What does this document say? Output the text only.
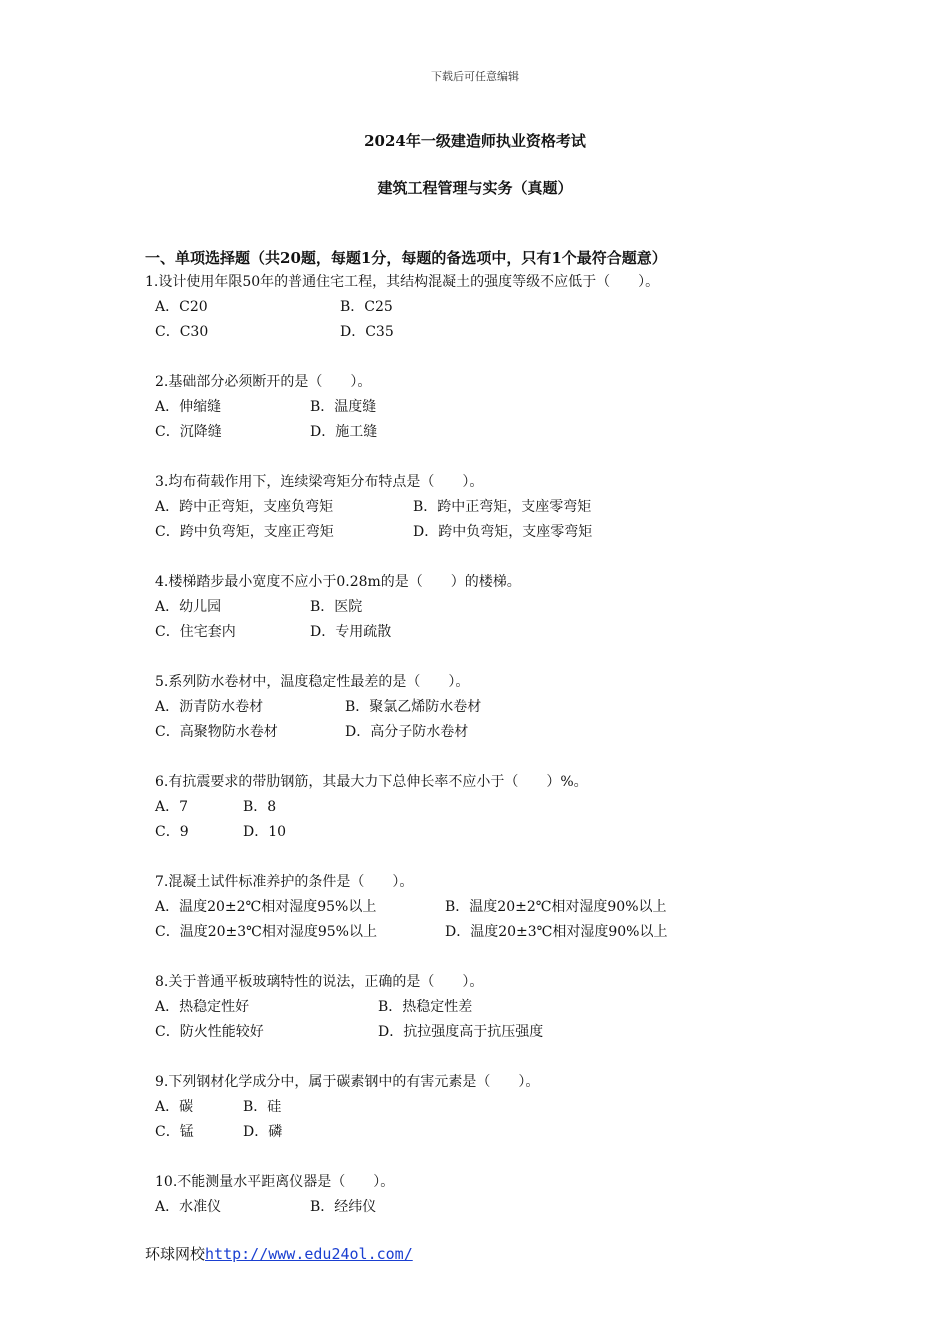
下载后可任意编辑
2024年一级建造师执业资格考试
建筑工程管理与实务（真题）
一、单项选择题（共20题，每题1分，每题的备选项中，只有1个最符合题意）
1.设计使用年限50年的普通住宅工程，其结构混凝土的强度等级不应低于（　　）。
A．C20	B．C25
C．C30	D．C35
2.基础部分必须断开的是（　　）。
A．伸缩缝	B．温度缝
C．沉降缝	D．施工缝
3.均布荷载作用下，连续梁弯矩分布特点是（　　）。
A．跨中正弯矩，支座负弯矩	B．跨中正弯矩，支座零弯矩
C．跨中负弯矩，支座正弯矩	D．跨中负弯矩，支座零弯矩
4.楼梯踏步最小宽度不应小于0.28m的是（　　）的楼梯。
A．幼儿园	B．医院
C．住宅套内	D．专用疏散
5.系列防水卷材中，温度稳定性最差的是（　　）。
A．沥青防水卷材	B．聚氯乙烯防水卷材
C．高聚物防水卷材	D．高分子防水卷材
6.有抗震要求的带肋钢筋，其最大力下总伸长率不应小于（　　）%。
A．7	B．8
C．9	D．10
7.混凝土试件标准养护的条件是（　　）。
A．温度20±2℃相对湿度95%以上	B．温度20±2℃相对湿度90%以上
C．温度20±3℃相对湿度95%以上	D．温度20±3℃相对湿度90%以上
8.关于普通平板玻璃特性的说法，正确的是（　　）。
A．热稳定性好	B．热稳定性差
C．防火性能较好	D．抗拉强度高于抗压强度
9.下列钢材化学成分中，属于碳素钢中的有害元素是（　　）。
A．碳	B．硅
C．锰	D．磷
10.不能测量水平距离仪器是（　　）。
A．水准仪	B．经纬仪
环球网校http://www.edu24ol.com/
